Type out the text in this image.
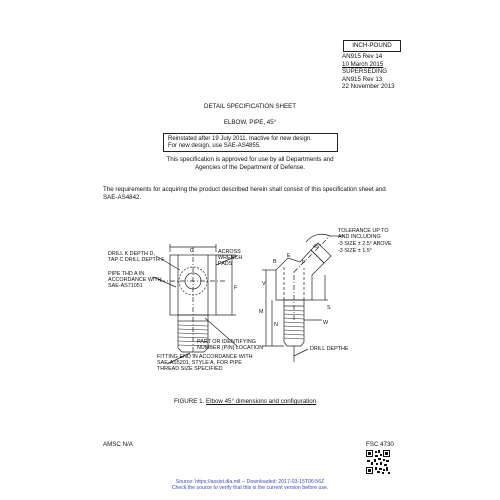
INCH-POUND
AN915 Rev 14
10 March 2015
SUPERSEDING
AN915 Rev 13
22 November 2013
DETAIL SPECIFICATION SHEET
ELBOW, PIPE, 45°
Reinstated after 19 July 2011. Inactive for new design.
For new design, use SAE-AS4855.
This specification is approved for use by all Departments and
Agencies of the Department of Defense.
The requirements for acquiring the product described herein shall consist of this specification sheet and
SAE-AS4842.
DRILL K DEPTH D,
TAP C DRILL DEPTH F
PIPE THD A IN
ACCORDANCE WITH
SAE-AS71051
C	ACROSS
WRENCH
PADS
F
PART OR IDENTIFYING
NUMBER (PIN) LOCATION
FITTING END IN ACCORDANCE WITH
SAE-AS5201, STYLE A, FOR PIPE
THREAD SIZE SPECIFIED
45°
TOLERANCE UP TO
AND INCLUDING
-3 SIZE ± 2.5° ABOVE
-3 SIZE ± 1.5°
B
E
P
V
M
N
S
W
DRILL DEPTHE
FIGURE 1. Elbow 45° dimensions and configuration.
AMSC N/A	FSC 4730
Source: https://assist.dla.mil -- Downloaded: 2017-03-15T06:56Z
Check the source to verify that this is the current version before use.
